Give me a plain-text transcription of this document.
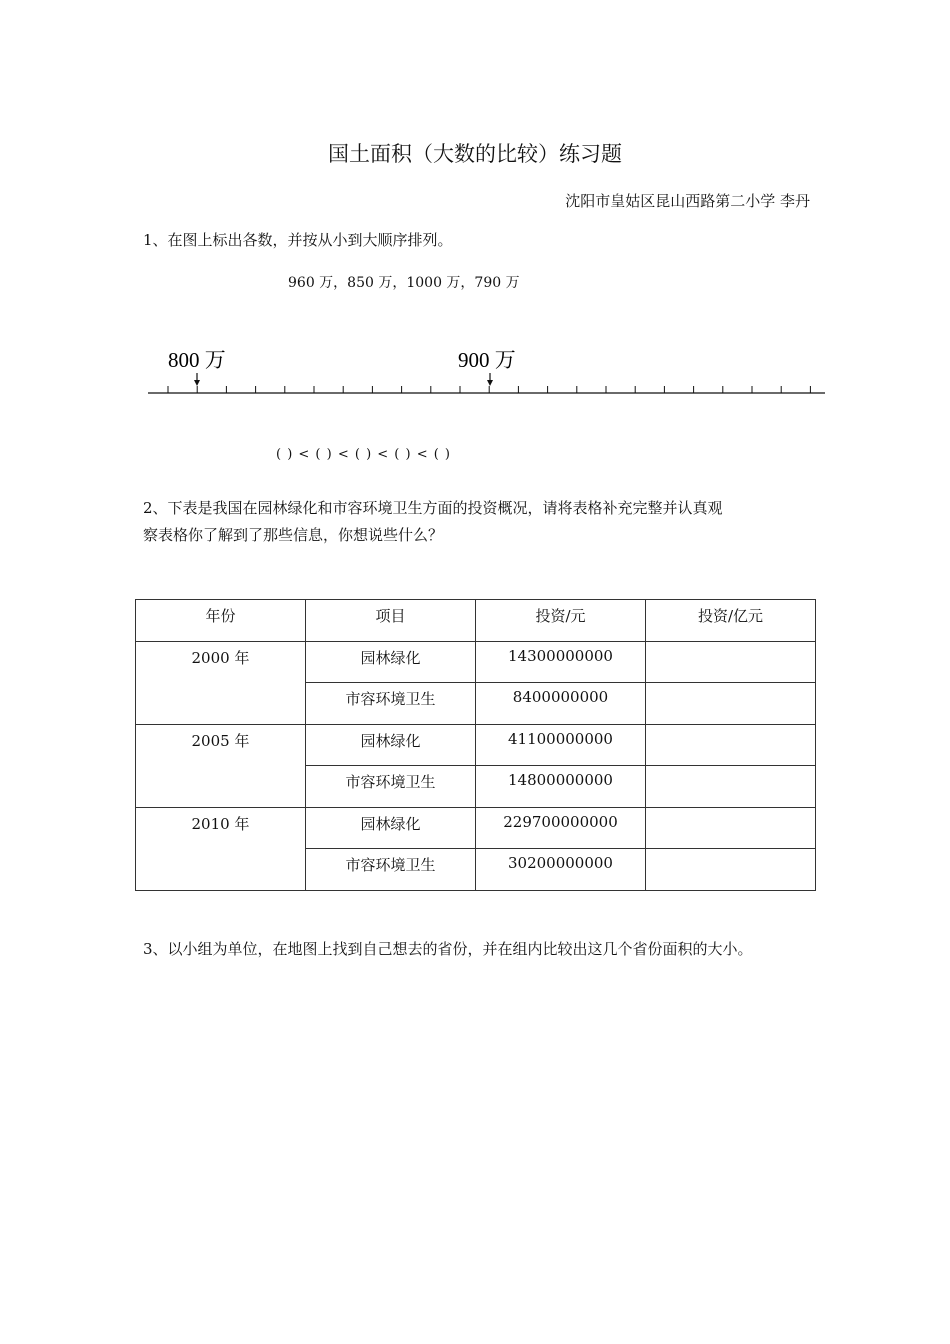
国土面积（大数的比较）练习题
沈阳市皇姑区昆山西路第二小学 李丹
1、在图上标出各数，并按从小到大顺序排列。
960 万，850 万，1000 万，790 万
800 万	900 万
( ) < ( ) < ( ) < ( ) < ( )
2、下表是我国在园林绿化和市容环境卫生方面的投资概况，请将表格补充完整并认真观
察表格你了解到了那些信息，你想说些什么？
年份	项目	投资/元	投资/亿元
2000 年	园林绿化	14300000000	
	市容环境卫生	8400000000	
2005 年	园林绿化	41100000000	
	市容环境卫生	14800000000	
2010 年	园林绿化	229700000000	
	市容环境卫生	30200000000	
3、以小组为单位，在地图上找到自己想去的省份，并在组内比较出这几个省份面积的大小。
